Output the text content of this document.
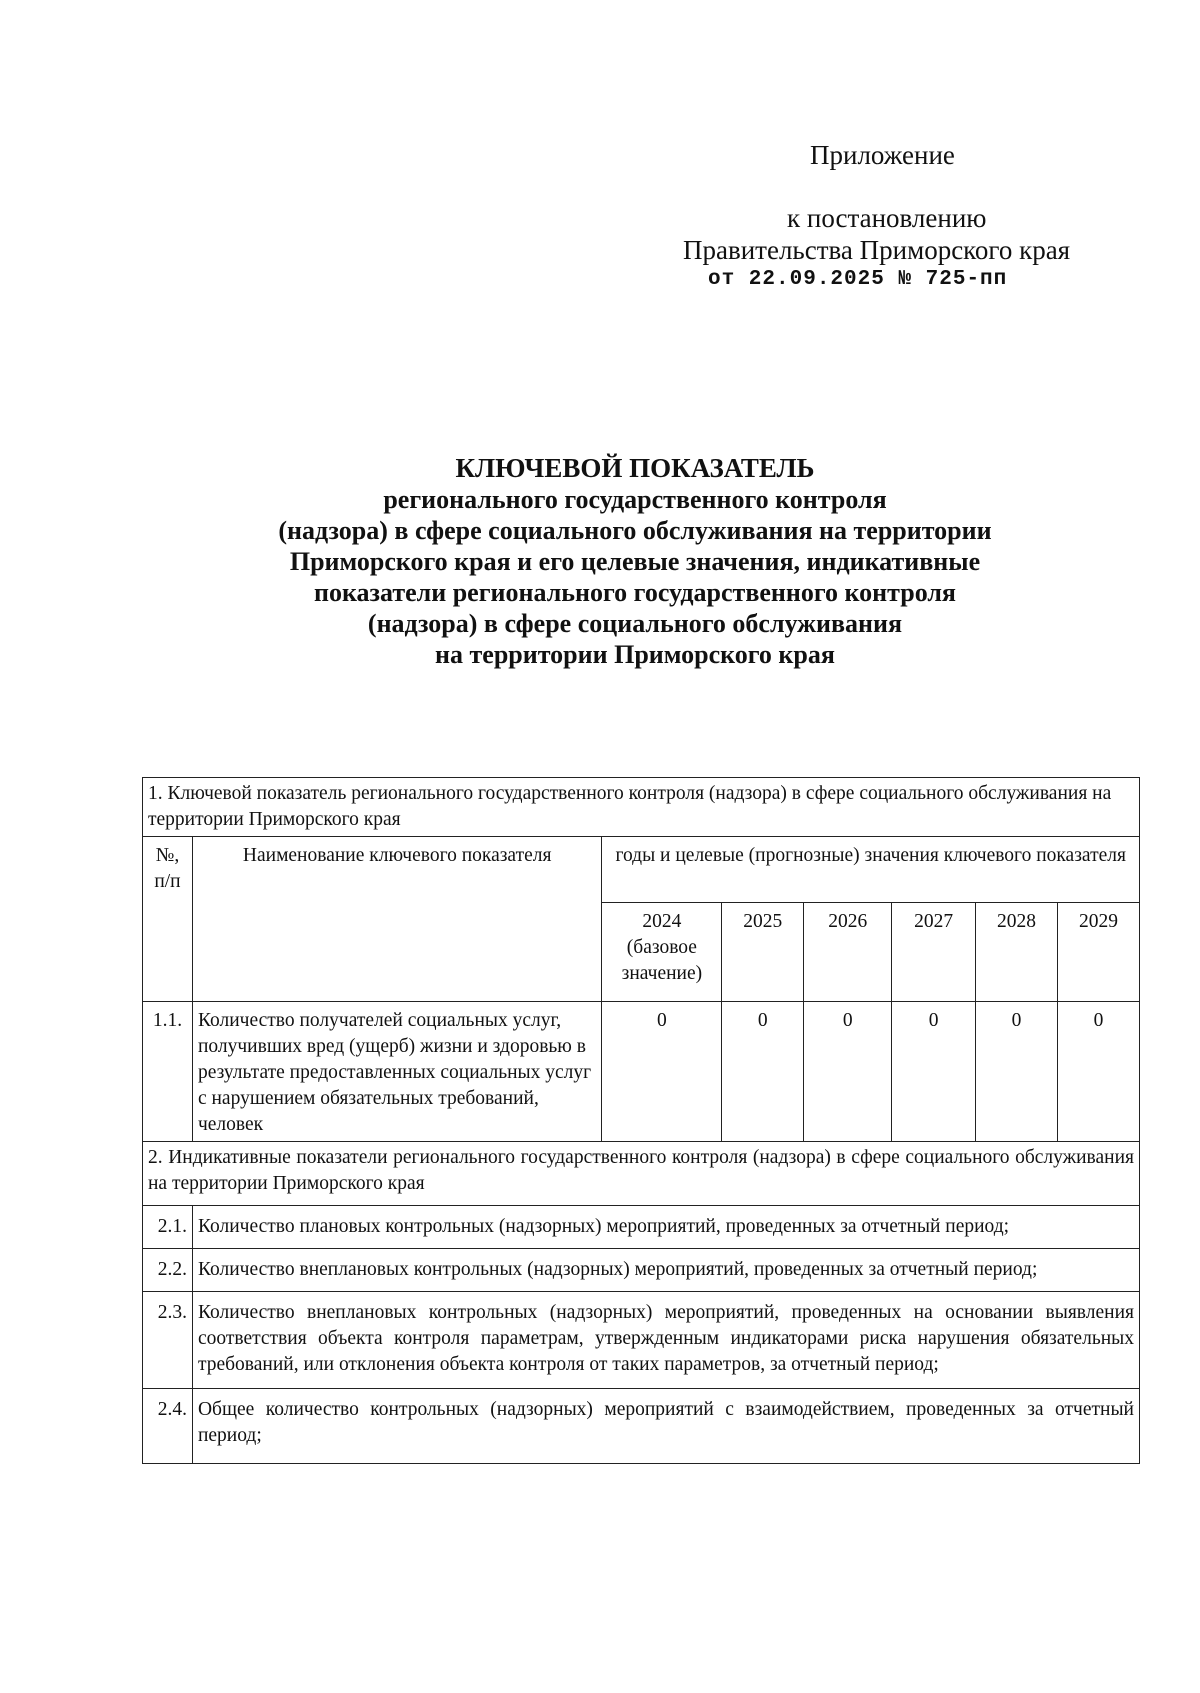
Приложение
к постановлению
Правительства Приморского края
от 22.09.2025 № 725-пп
КЛЮЧЕВОЙ ПОКАЗАТЕЛЬ
регионального государственного контроля
(надзора) в сфере социального обслуживания на территории
Приморского края и его целевые значения, индикативные
показатели регионального государственного контроля
(надзора) в сфере социального обслуживания
на территории Приморского края
1. Ключевой показатель регионального государственного контроля (надзора) в сфере социального обслуживания на территории Приморского края							
№, п/п	Наименование ключевого показателя	годы и целевые (прогнозные) значения ключевого показателя					
		2024 (базовое значение)	2025	2026	2027	2028	2029
1.1.	Количество получателей социальных услуг, получивших вред (ущерб) жизни и здоровью в результате предоставленных социальных услуг с нарушением обязательных требований, человек	0	0	0	0	0	0
2. Индикативные показатели регионального государственного контроля (надзора) в сфере социального обслуживания на территории Приморского края							
2.1.	Количество плановых контрольных (надзорных) мероприятий, проведенных за отчетный период;						
2.2.	Количество внеплановых контрольных (надзорных) мероприятий, проведенных за отчетный период;						
2.3.	Количество внеплановых контрольных (надзорных) мероприятий, проведенных на основании выявления соответствия объекта контроля параметрам, утвержденным индикаторами риска нарушения обязательных требований, или отклонения объекта контроля от таких параметров, за отчетный период;						
2.4.	Общее количество контрольных (надзорных) мероприятий с взаимодействием, проведенных за отчетный период;						
